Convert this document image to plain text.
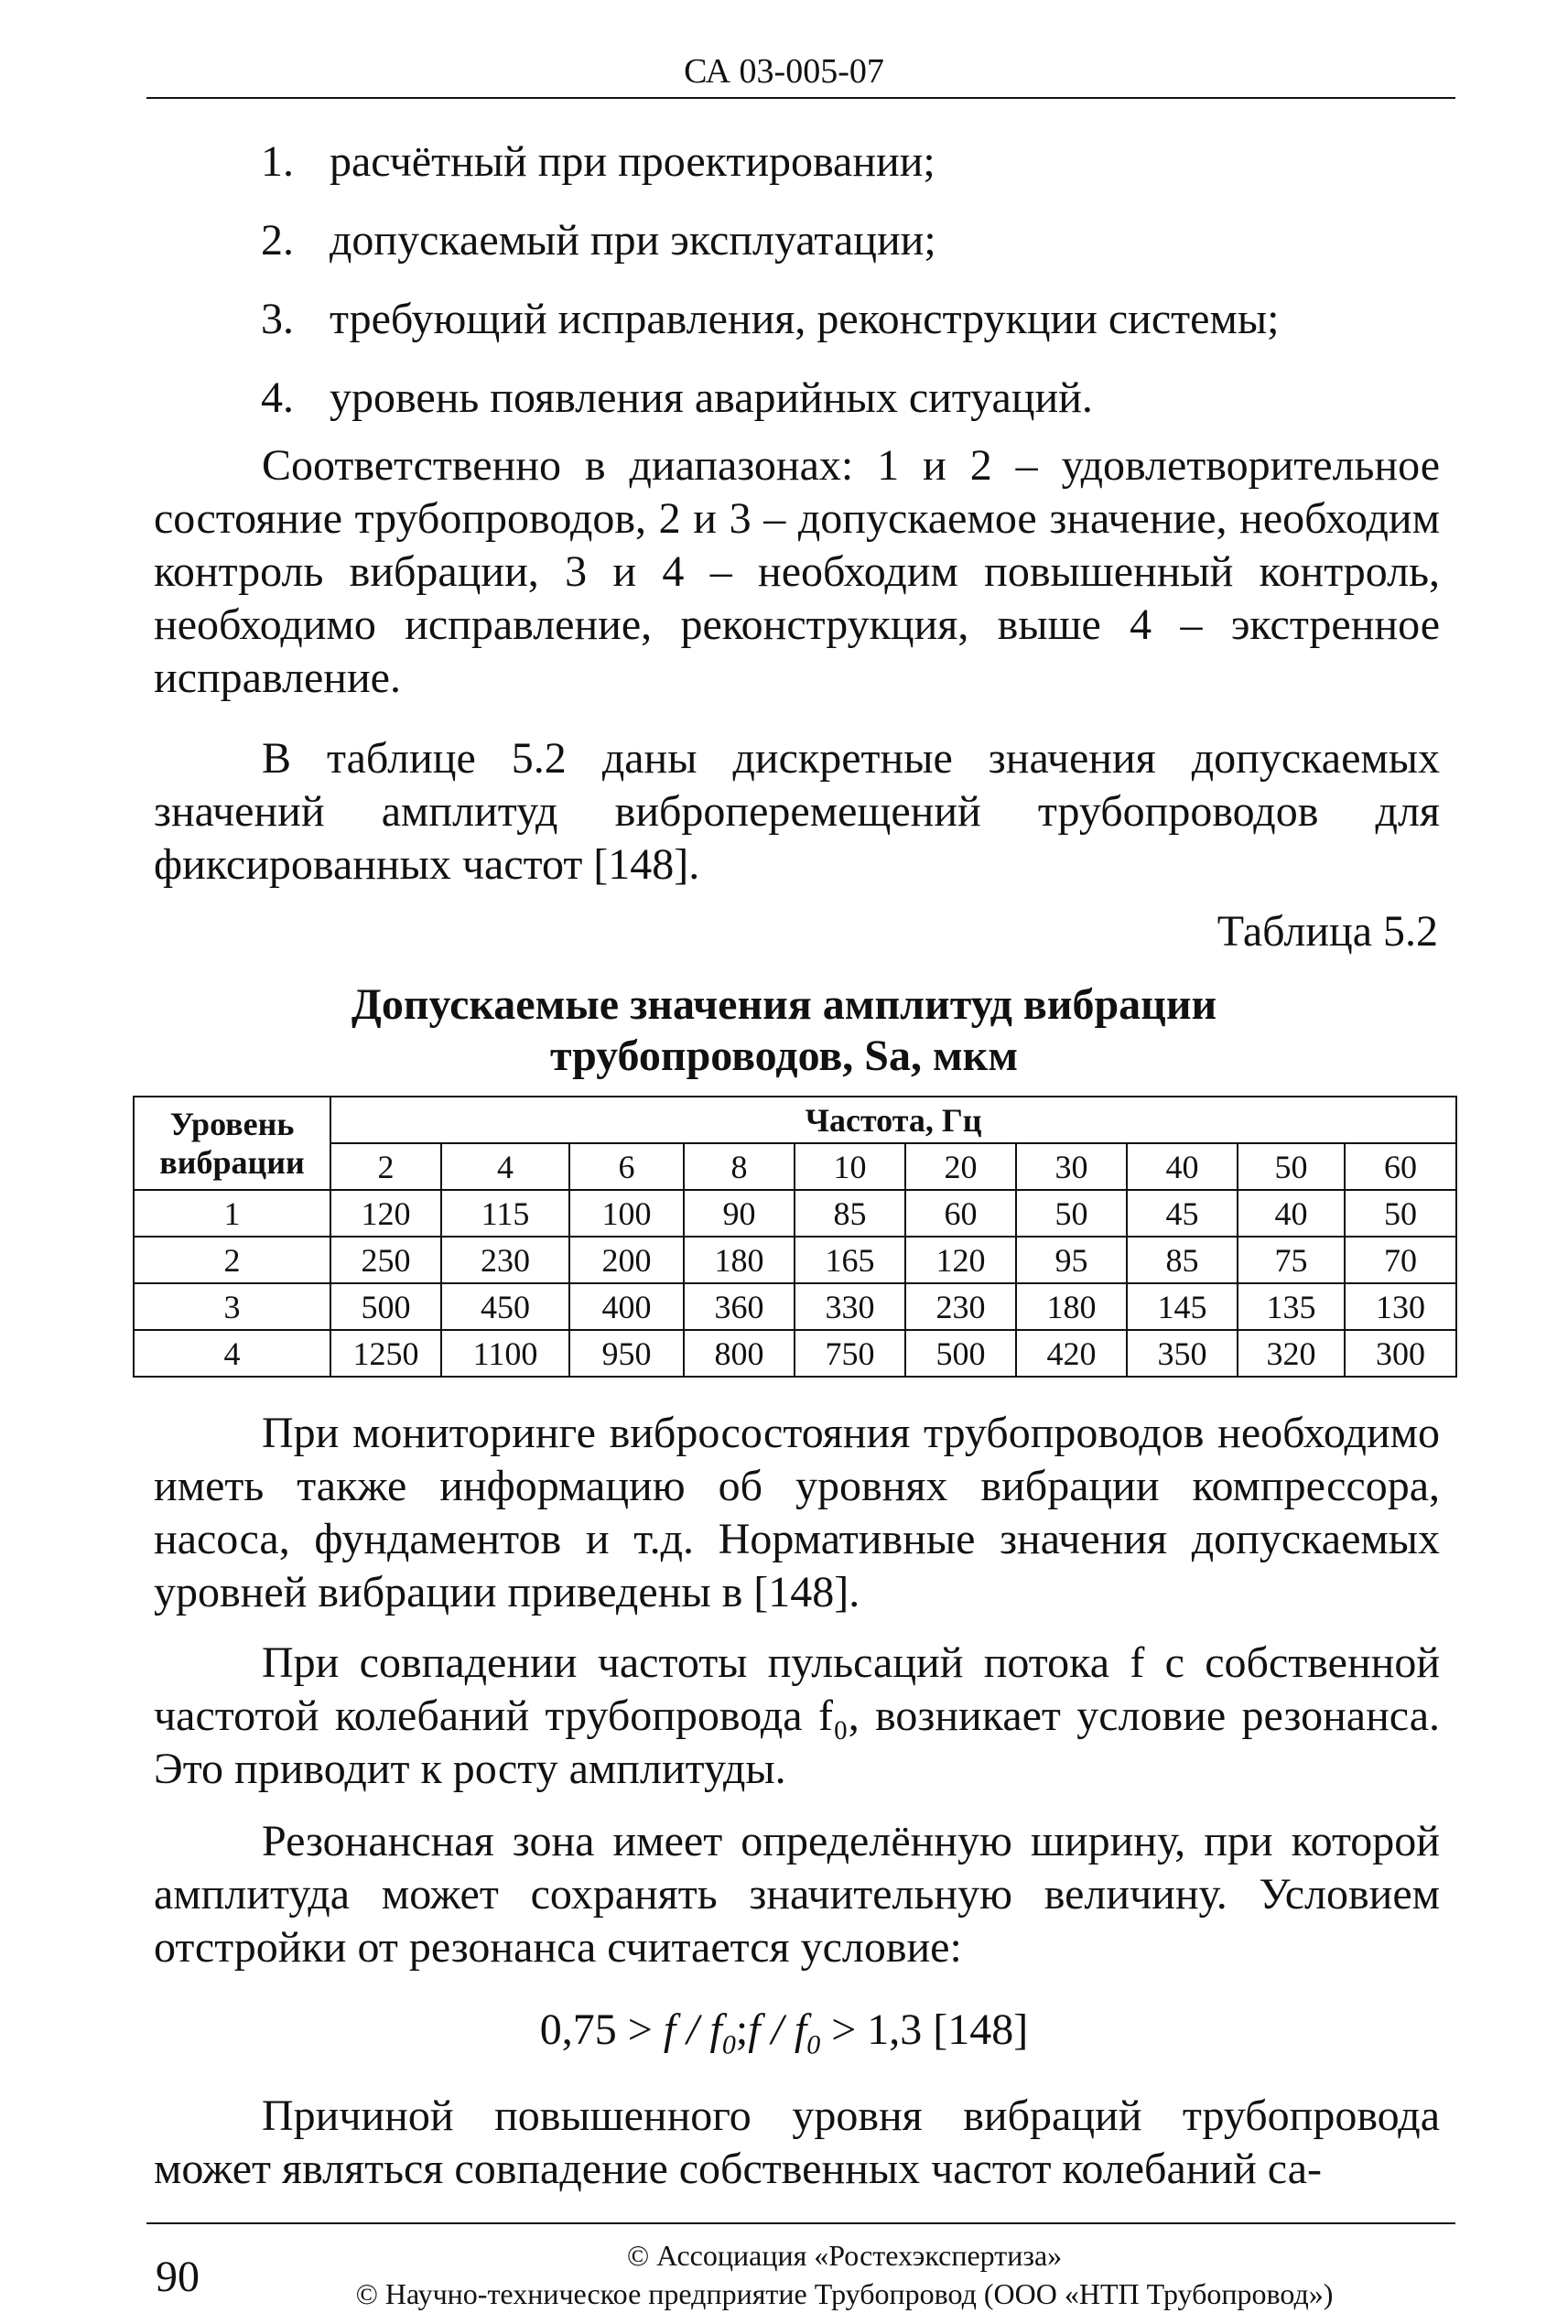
СА 03-005-07
1. расчётный при проектировании;
2. допускаемый при эксплуатации;
3. требующий исправления, реконструкции системы;
4. уровень появления аварийных ситуаций.

Соответственно в диапазонах: 1 и 2 – удовлетворительное состояние трубопроводов, 2 и 3 – допускаемое значение, необходим контроль вибрации, 3 и 4 – необходим повышенный контроль, необходимо исправление, реконструкция, выше 4 – экстренное исправление.

В таблице 5.2 даны дискретные значения допускаемых значений амплитуд виброперемещений трубопроводов для фиксированных частот [148].

Таблица 5.2
Допускаемые значения амплитуд вибрации
трубопроводов, Sa, мкм
Уровень вибрации	Частота, Гц									
	2	4	6	8	10	20	30	40	50	60
1	120	115	100	90	85	60	50	45	40	50
2	250	230	200	180	165	120	95	85	75	70
3	500	450	400	360	330	230	180	145	135	130
4	1250	1100	950	800	750	500	420	350	320	300

При мониторинге вибросостояния трубопроводов необходимо иметь также информацию об уровнях вибрации компрессора, насоса, фундаментов и т.д. Нормативные значения допускаемых уровней вибрации приведены в [148].

При совпадении частоты пульсаций потока f с собственной частотой колебаний трубопровода f₀, возникает условие резонанса. Это приводит к росту амплитуды.

Резонансная зона имеет определённую ширину, при которой амплитуда может сохранять значительную величину. Условием отстройки от резонанса считается условие:

$0,75 > f / f_0;f / f_0 > 1,3$ [148]

Причиной повышенного уровня вибраций трубопровода может являться совпадение собственных частот колебаний са-

90	© Ассоциация «Ростехэкспертиза»
© Научно-техническое предприятие Трубопровод (ООО «НТП Трубопровод»)
